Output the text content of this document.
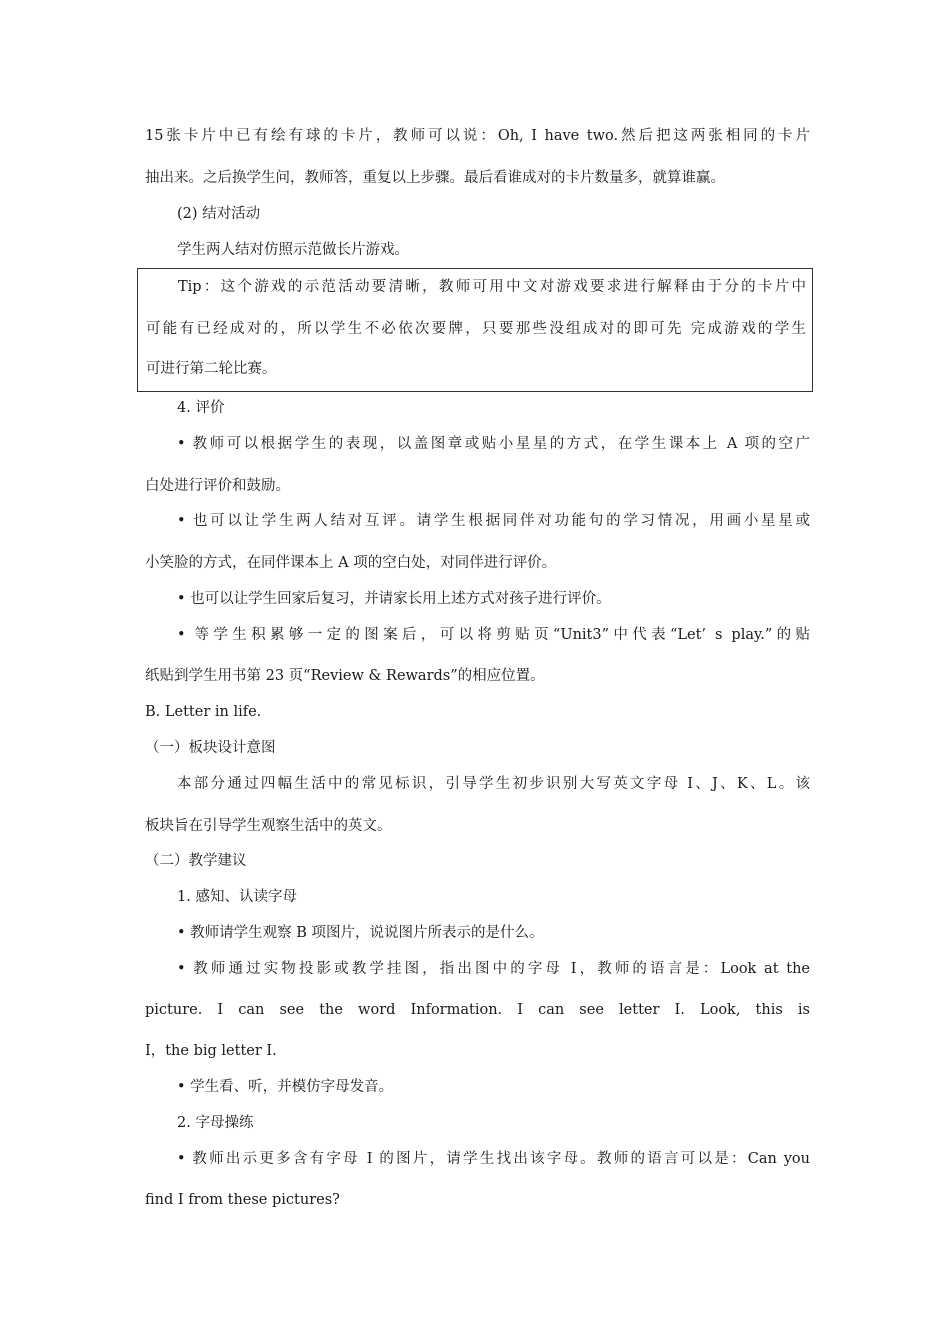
15张卡片中已有绘有球的卡片，教师可以说：Oh, I have two.然后把这两张相同的卡片
抽出来。之后换学生问，教师答，重复以上步骤。最后看谁成对的卡片数量多，就算谁赢。
(2) 结对活动
学生两人结对仿照示范做长片游戏。
Tip：这个游戏的示范活动要清晰，教师可用中文对游戏要求进行解释由于分的卡片中
可能有已经成对的，所以学生不必依次要牌，只要那些没组成对的即可先 完成游戏的学生
可进行第二轮比赛。
4. 评价
• 教师可以根据学生的表现，以盖图章或贴小星星的方式，在学生课本上 A 项的空广
白处进行评价和鼓励。
• 也可以让学生两人结对互评。请学生根据同伴对功能句的学习情况，用画小星星或
小笑脸的方式，在同伴课本上 A 项的空白处，对同伴进行评价。
• 也可以让学生回家后复习，并请家长用上述方式对孩子进行评价。
• 等学生积累够一定的图案后，可以将剪贴页“Unit3”中代表“Let’ s play.”的贴
纸贴到学生用书第 23 页“Review & Rewards”的相应位置。
B. Letter in life.
（一）板块设计意图
本部分通过四幅生活中的常见标识，引导学生初步识别大写英文字母 I、J、K、L。该
板块旨在引导学生观察生活中的英文。
（二）教学建议
1. 感知、认读字母
• 教师请学生观察 B 项图片，说说图片所表示的是什么。
• 教师通过实物投影或教学挂图，指出图中的字母 I，教师的语言是：Look at the
picture. I can see the word Information. I can see letter I. Look, this is
I，the big letter I.
• 学生看、听，并模仿字母发音。
2. 字母操练
• 教师出示更多含有字母 I 的图片，请学生找出该字母。教师的语言可以是：Can you
find I from these pictures?
